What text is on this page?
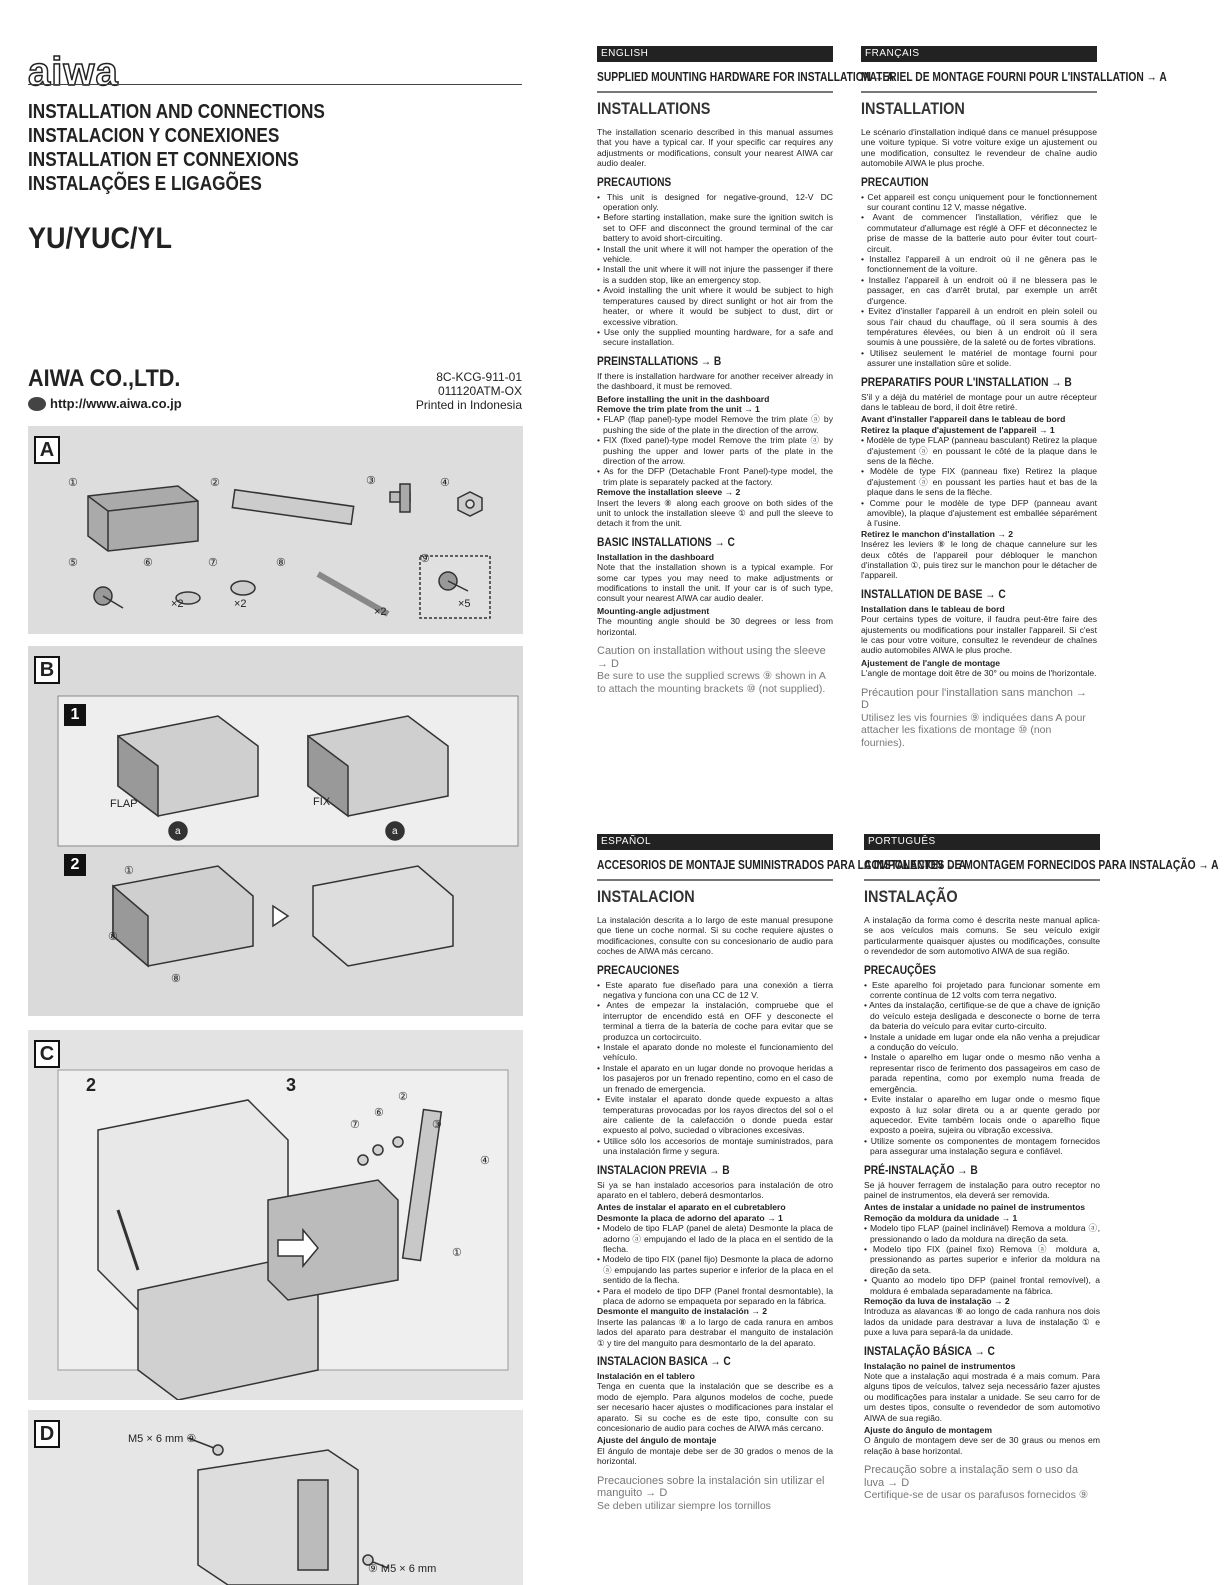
aiwa
INSTALLATION AND CONNECTIONS
INSTALACION Y CONEXIONES
INSTALLATION ET CONNEXIONS
INSTALAÇÕES E LIGAGÕES
YU/YUC/YL
AIWA CO.,LTD.
http://www.aiwa.co.jp
8C-KCG-911-01
011120ATM-OX
Printed in Indonesia
A
①	②	③	④
⑤	⑥	⑦	⑧	⑨
×2	×2
×2
×5
B
1
2
FLAP	FIX
a	a
①
⑧
⑧
C
2	3
②
⑥
⑦	③
④
①
D	M5 × 6 mm ⑨
⑨ M5 × 6 mm
ENGLISH
SUPPLIED MOUNTING HARDWARE FOR INSTALLATION → A
INSTALLATIONS
The installation scenario described in this manual assumes that you have a typical car. If your specific car requires any adjustments or modifications, consult your nearest AIWA car audio dealer.
PRECAUTIONS
• This unit is designed for negative-ground, 12-V DC operation only.
• Before starting installation, make sure the ignition switch is set to OFF and disconnect the ground terminal of the car battery to avoid short-circuiting.
• Install the unit where it will not hamper the operation of the vehicle.
• Install the unit where it will not injure the passenger if there is a sudden stop, like an emergency stop.
• Avoid installing the unit where it would be subject to high temperatures caused by direct sunlight or hot air from the heater, or where it would be subject to dust, dirt or excessive vibration.
• Use only the supplied mounting hardware, for a safe and secure installation.
PREINSTALLATIONS → B
If there is installation hardware for another receiver already in the dashboard, it must be removed.
Before installing the unit in the dashboard
Remove the trim plate from the unit → 1
• FLAP (flap panel)-type model Remove the trim plate ⓐ by pushing the side of the plate in the direction of the arrow.
• FIX (fixed panel)-type model Remove the trim plate ⓐ by pushing the upper and lower parts of the plate in the direction of the arrow.
• As for the DFP (Detachable Front Panel)-type model, the trim plate is separately packed at the factory.
Remove the installation sleeve → 2
Insert the levers ⑧ along each groove on both sides of the unit to unlock the installation sleeve ① and pull the sleeve to detach it from the unit.
BASIC INSTALLATIONS → C
Installation in the dashboard
Note that the installation shown is a typical example. For some car types you may need to make adjustments or modifications to install the unit. If your car is of such type, consult your nearest AIWA car audio dealer.
Mounting-angle adjustment
The mounting angle should be 30 degrees or less from horizontal.
Caution on installation without using the sleeve → D
Be sure to use the supplied screws ⑨ shown in A to attach the mounting brackets ⑩ (not supplied).
FRANÇAIS
MATERIEL DE MONTAGE FOURNI POUR L'INSTALLATION → A
INSTALLATION
Le scénario d'installation indiqué dans ce manuel présuppose une voiture typique. Si votre voiture exige un ajustement ou une modification, consultez le revendeur de chaîne audio automobile AIWA le plus proche.
PRECAUTION
• Cet appareil est conçu uniquement pour le fonctionnement sur courant continu 12 V, masse négative.
• Avant de commencer l'installation, vérifiez que le commutateur d'allumage est réglé à OFF et déconnectez le prise de masse de la batterie auto pour éviter tout court-circuit.
• Installez l'appareil à un endroit où il ne gênera pas le fonctionnement de la voiture.
• Installez l'appareil à un endroit où il ne blessera pas le passager, en cas d'arrêt brutal, par exemple un arrêt d'urgence.
• Evitez d'installer l'appareil à un endroit en plein soleil ou sous l'air chaud du chauffage, où il sera soumis à des températures élevées, ou bien à un endroit où il sera soumis à une poussière, de la saleté ou de fortes vibrations.
• Utilisez seulement le matériel de montage fourni pour assurer une installation sûre et solide.
PREPARATIFS POUR L'INSTALLATION → B
S'il y a déjà du matériel de montage pour un autre récepteur dans le tableau de bord, il doit être retiré.
Avant d'installer l'appareil dans le tableau de bord
Retirez la plaque d'ajustement de l'appareil → 1
• Modèle de type FLAP (panneau basculant) Retirez la plaque d'ajustement ⓐ en poussant le côté de la plaque dans le sens de la flèche.
• Modèle de type FIX (panneau fixe) Retirez la plaque d'ajustement ⓐ en poussant les parties haut et bas de la plaque dans le sens de la flèche.
• Comme pour le modèle de type DFP (panneau avant amovible), la plaque d'ajustement est emballée séparément à l'usine.
Retirez le manchon d'installation → 2
Insérez les leviers ⑧ le long de chaque cannelure sur les deux côtés de l'appareil pour débloquer le manchon d'installation ①, puis tirez sur le manchon pour le détacher de l'appareil.
INSTALLATION DE BASE → C
Installation dans le tableau de bord
Pour certains types de voiture, il faudra peut-être faire des ajustements ou modifications pour installer l'appareil. Si c'est le cas pour votre voiture, consultez le revendeur de chaînes audio automobiles AIWA le plus proche.
Ajustement de l'angle de montage
L'angle de montage doit être de 30° ou moins de l'horizontale.
Précaution pour l'installation sans manchon → D
Utilisez les vis fournies ⑨ indiquées dans A pour attacher les fixations de montage ⑩ (non fournies).
ESPAÑOL
ACCESORIOS DE MONTAJE SUMINISTRADOS PARA LA INSTALACION → A
INSTALACION
La instalación descrita a lo largo de este manual presupone que tiene un coche normal. Si su coche requiere ajustes o modificaciones, consulte con su concesionario de audio para coches de AIWA más cercano.
PRECAUCIONES
• Este aparato fue diseñado para una conexión a tierra negativa y funciona con una CC de 12 V.
• Antes de empezar la instalación, compruebe que el interruptor de encendido está en OFF y desconecte el terminal a tierra de la batería de coche para evitar que se produzca un cortocircuito.
• Instale el aparato donde no moleste el funcionamiento del vehículo.
• Instale el aparato en un lugar donde no provoque heridas a los pasajeros por un frenado repentino, como en el caso de un frenado de emergencia.
• Evite instalar el aparato donde quede expuesto a altas temperaturas provocadas por los rayos directos del sol o el aire caliente de la calefacción o donde pueda estar expuesto al polvo, suciedad o vibraciones excesivas.
• Utilice sólo los accesorios de montaje suministrados, para una instalación firme y segura.
INSTALACION PREVIA → B
Si ya se han instalado accesorios para instalación de otro aparato en el tablero, deberá desmontarlos.
Antes de instalar el aparato en el cubretablero
Desmonte la placa de adorno del aparato → 1
• Modelo de tipo FLAP (panel de aleta) Desmonte la placa de adorno ⓐ empujando el lado de la placa en el sentido de la flecha.
• Modelo de tipo FIX (panel fijo) Desmonte la placa de adorno ⓐ empujando las partes superior e inferior de la placa en el sentido de la flecha.
• Para el modelo de tipo DFP (Panel frontal desmontable), la placa de adorno se empaqueta por separado en la fábrica.
Desmonte el manguito de instalación → 2
Inserte las palancas ⑧ a lo largo de cada ranura en ambos lados del aparato para destrabar el manguito de instalación ① y tire del manguito para desmontarlo de la del aparato.
INSTALACION BASICA → C
Instalación en el tablero
Tenga en cuenta que la instalación que se describe es a modo de ejemplo. Para algunos modelos de coche, puede ser necesario hacer ajustes o modificaciones para instalar el aparato. Si su coche es de este tipo, consulte con su concesionario de audio para coches de AIWA más cercano.
Ajuste del ángulo de montaje
El ángulo de montaje debe ser de 30 grados o menos de la horizontal.
Precauciones sobre la instalación sin utilizar el manguito → D
Se deben utilizar siempre los tornillos
PORTUGUÊS
COMPONENTES DE MONTAGEM FORNECIDOS PARA INSTALAÇÃO → A
INSTALAÇÃO
A instalação da forma como é descrita neste manual aplica-se aos veículos mais comuns. Se seu veículo exigir particularmente quaisquer ajustes ou modificações, consulte o revendedor de som automotivo AIWA de sua região.
PRECAUÇÕES
• Este aparelho foi projetado para funcionar somente em corrente contínua de 12 volts com terra negativo.
• Antes da instalação, certifique-se de que a chave de ignição do veículo esteja desligada e desconecte o borne de terra da bateria do veículo para evitar curto-circuito.
• Instale a unidade em lugar onde ela não venha a prejudicar a condução do veículo.
• Instale o aparelho em lugar onde o mesmo não venha a representar risco de ferimento dos passageiros em caso de parada repentina, como por exemplo numa freada de emergência.
• Evite instalar o aparelho em lugar onde o mesmo fique exposto à luz solar direta ou a ar quente gerado por aquecedor. Evite também locais onde o aparelho fique exposto a poeira, sujeira ou vibração excessiva.
• Utilize somente os componentes de montagem fornecidos para assegurar uma instalação segura e confiável.
PRÉ-INSTALAÇÃO → B
Se já houver ferragem de instalação para outro receptor no painel de instrumentos, ela deverá ser removida.
Antes de instalar a unidade no painel de instrumentos
Remoção da moldura da unidade → 1
• Modelo tipo FLAP (painel inclinável) Remova a moldura ⓐ, pressionando o lado da moldura na direção da seta.
• Modelo tipo FIX (painel fixo) Remova ⓐ moldura a, pressionando as partes superior e inferior da moldura na direção da seta.
• Quanto ao modelo tipo DFP (painel frontal removível), a moldura é embalada separadamente na fábrica.
Remoção da luva de instalação → 2
Introduza as alavancas ⑧ ao longo de cada ranhura nos dois lados da unidade para destravar a luva de instalação ① e puxe a luva para separá-la da unidade.
INSTALAÇÃO BÁSICA → C
Instalação no painel de instrumentos
Note que a instalação aqui mostrada é a mais comum. Para alguns tipos de veículos, talvez seja necessário fazer ajustes ou modificações para instalar a unidade. Se seu carro for de um destes tipos, consulte o revendedor de som automotivo AIWA de sua região.
Ajuste do ângulo de montagem
O ângulo de montagem deve ser de 30 graus ou menos em relação à base horizontal.
Precaução sobre a instalação sem o uso da luva → D
Certifique-se de usar os parafusos fornecidos ⑨
